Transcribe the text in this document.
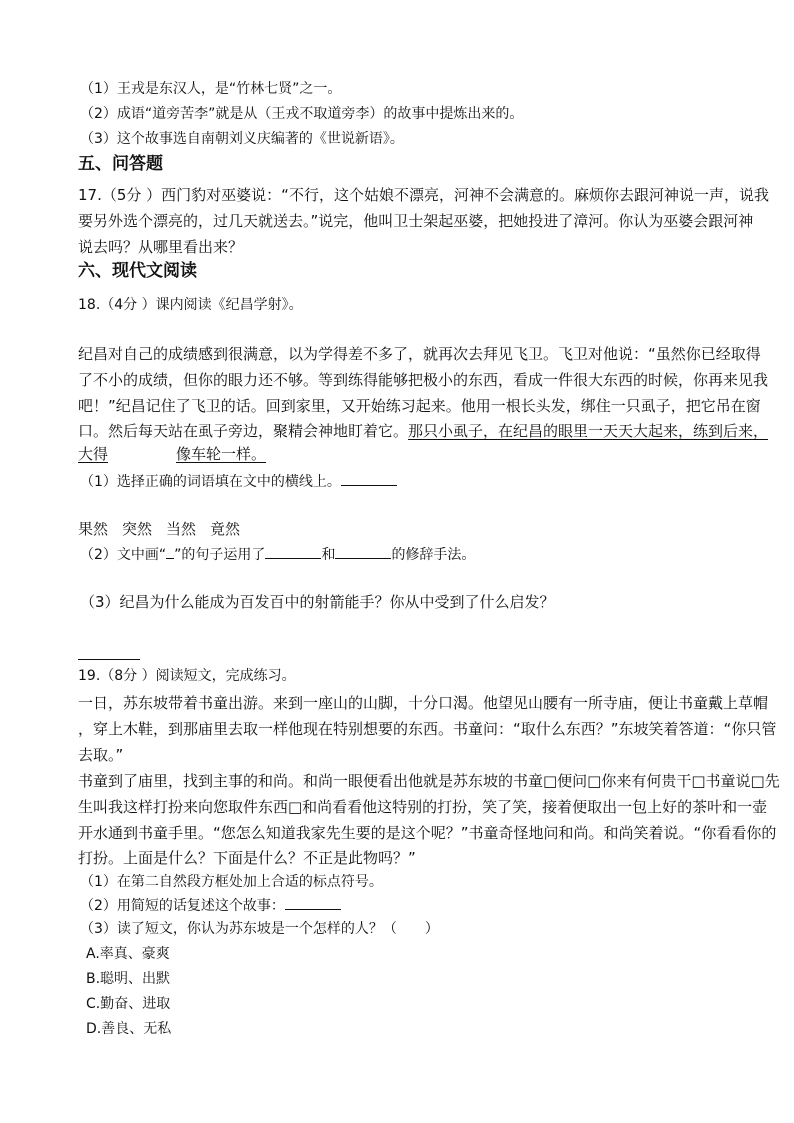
（1）王戎是东汉人，是“竹林七贤”之一。
（2）成语“道旁苦李”就是从（王戎不取道旁李）的故事中提炼出来的。
（3）这个故事选自南朝刘义庆编著的《世说新语》。
五、问答题
17.（5分 ）西门豹对巫婆说：“不行，这个姑娘不漂亮，河神不会满意的。麻烦你去跟河神说一声，说我
要另外选个漂亮的，过几天就送去。”说完，他叫卫士架起巫婆，把她投进了漳河。你认为巫婆会跟河神
说去吗？从哪里看出来？
六、现代文阅读
18.（4分 ）课内阅读《纪昌学射》。
纪昌对自己的成绩感到很满意，以为学得差不多了，就再次去拜见飞卫。飞卫对他说：“虽然你已经取得
了不小的成绩，但你的眼力还不够。等到练得能够把极小的东西，看成一件很大东西的时候，你再来见我
吧！”纪昌记住了飞卫的话。回到家里，又开始练习起来。他用一根长头发，绑住一只虱子，把它吊在窗
口。然后每天站在虱子旁边，聚精会神地盯着它。那只小虱子，在纪昌的眼里一天天大起来，练到后来，
大得	像车轮一样。
（1）选择正确的词语填在文中的横线上。
果然 突然 当然 竟然
（2）文中画“ ”的句子运用了	和	的修辞手法。
（3）纪昌为什么能成为百发百中的射箭能手？你从中受到了什么启发？
19.（8分 ）阅读短文，完成练习。
一日，苏东坡带着书童出游。来到一座山的山脚，十分口渴。他望见山腰有一所寺庙，便让书童戴上草帽
，穿上木鞋，到那庙里去取一样他现在特别想要的东西。书童问：“取什么东西？”东坡笑着答道：“你只管
去取。”
书童到了庙里，找到主事的和尚。和尚一眼便看出他就是苏东坡的书童□便问□你来有何贵干□书童说□先
生叫我这样打扮来向您取件东西□和尚看看他这特别的打扮，笑了笑，接着便取出一包上好的茶叶和一壶
开水通到书童手里。“您怎么知道我家先生要的是这个呢？”书童奇怪地问和尚。和尚笑着说。“你看看你的
打扮。上面是什么？下面是什么？不正是此物吗？”
（1）在第二自然段方框处加上合适的标点符号。
（2）用简短的话复述这个故事：
（3）读了短文，你认为苏东坡是一个怎样的人？（　　）
A.率真、豪爽
B.聪明、出默
C.勤奋、进取
D.善良、无私
